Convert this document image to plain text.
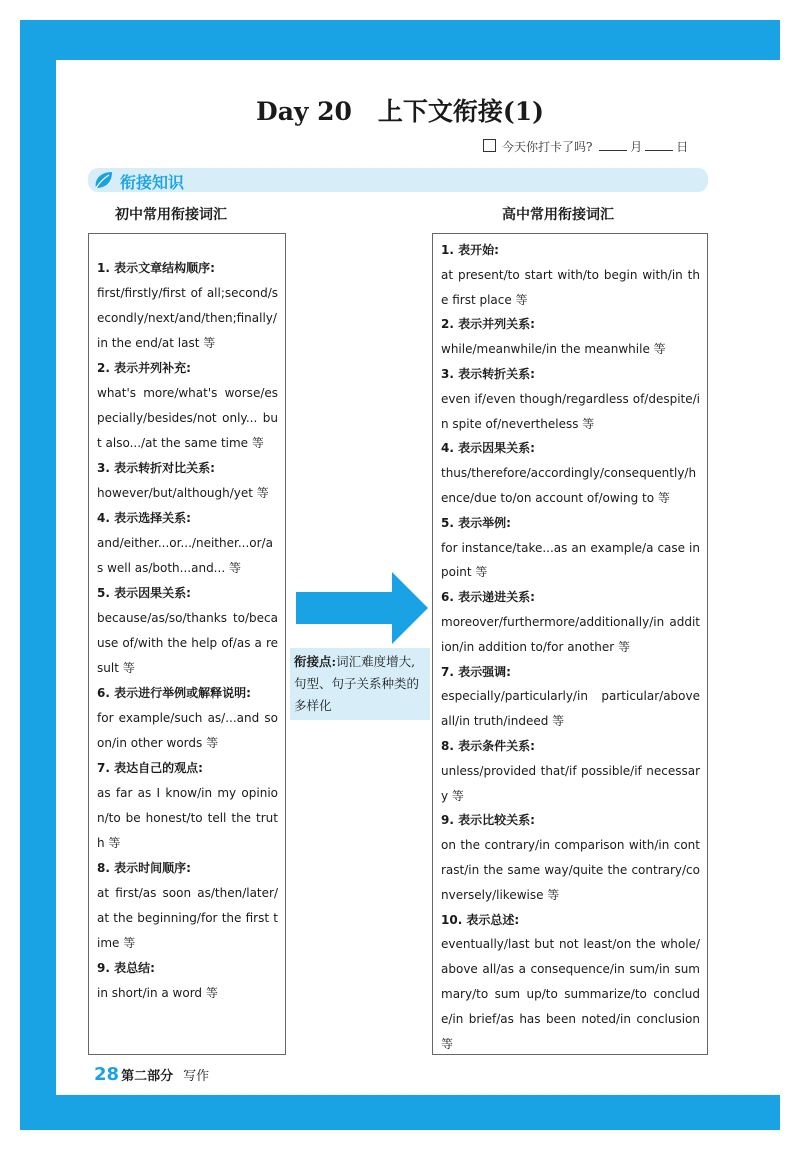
Day 20 上下文衔接(1)
今天你打卡了吗?	月	日
衔接知识
初中常用衔接词汇	高中常用衔接词汇
1. 表示文章结构顺序:
first/firstly/first of all;second/secondly/next/and/then;finally/in the end/at last 等
2. 表示并列补充:
what's more/what's worse/especially/besides/not only... but also.../at the same time 等
3. 表示转折对比关系:
however/but/although/yet 等
4. 表示选择关系:
and/either...or.../neither...or/as well as/both...and... 等
5. 表示因果关系:
because/as/so/thanks to/because of/with the help of/as a result 等
6. 表示进行举例或解释说明:
for example/such as/...and so on/in other words 等
7. 表达自己的观点:
as far as I know/in my opinion/to be honest/to tell the truth 等
8. 表示时间顺序:
at first/as soon as/then/later/at the beginning/for the first time 等
9. 表总结:
in short/in a word 等
衔接点:词汇难度增大,句型、句子关系种类的多样化
1. 表开始:
at present/to start with/to begin with/in the first place 等
2. 表示并列关系:
while/meanwhile/in the meanwhile 等
3. 表示转折关系:
even if/even though/regardless of/despite/in spite of/nevertheless 等
4. 表示因果关系:
thus/therefore/accordingly/consequently/hence/due to/on account of/owing to 等
5. 表示举例:
for instance/take...as an example/a case in point 等
6. 表示递进关系:
moreover/furthermore/additionally/in addition/in addition to/for another 等
7. 表示强调:
especially/particularly/in particular/above all/in truth/indeed 等
8. 表示条件关系:
unless/provided that/if possible/if necessary 等
9. 表示比较关系:
on the contrary/in comparison with/in contrast/in the same way/quite the contrary/conversely/likewise 等
10. 表示总述:
eventually/last but not least/on the whole/above all/as a consequence/in sum/in summary/to sum up/to summarize/to conclude/in brief/as has been noted/in conclusion 等
28 第二部分 写作
